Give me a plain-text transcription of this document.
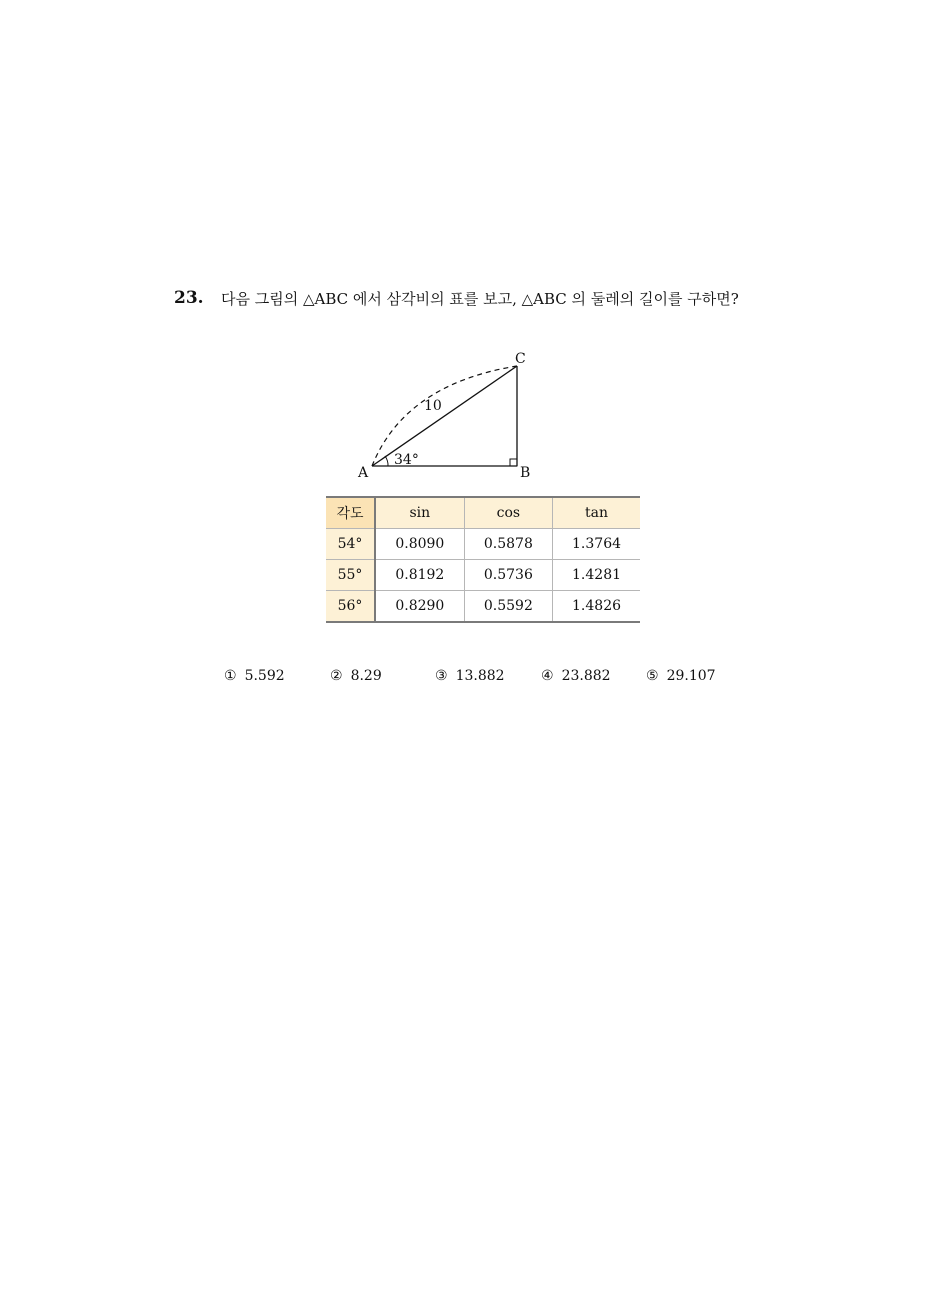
23. 다음 그림의 △ABC 에서 삼각비의 표를 보고, △ABC 의 둘레의 길이를 구하면?
A	B
C
10
34°
각도	sin	cos	tan
54°	0.8090	0.5878	1.3764
55°	0.8192	0.5736	1.4281
56°	0.8290	0.5592	1.4826
① 5.592	② 8.29	③ 13.882	④ 23.882	⑤ 29.107
